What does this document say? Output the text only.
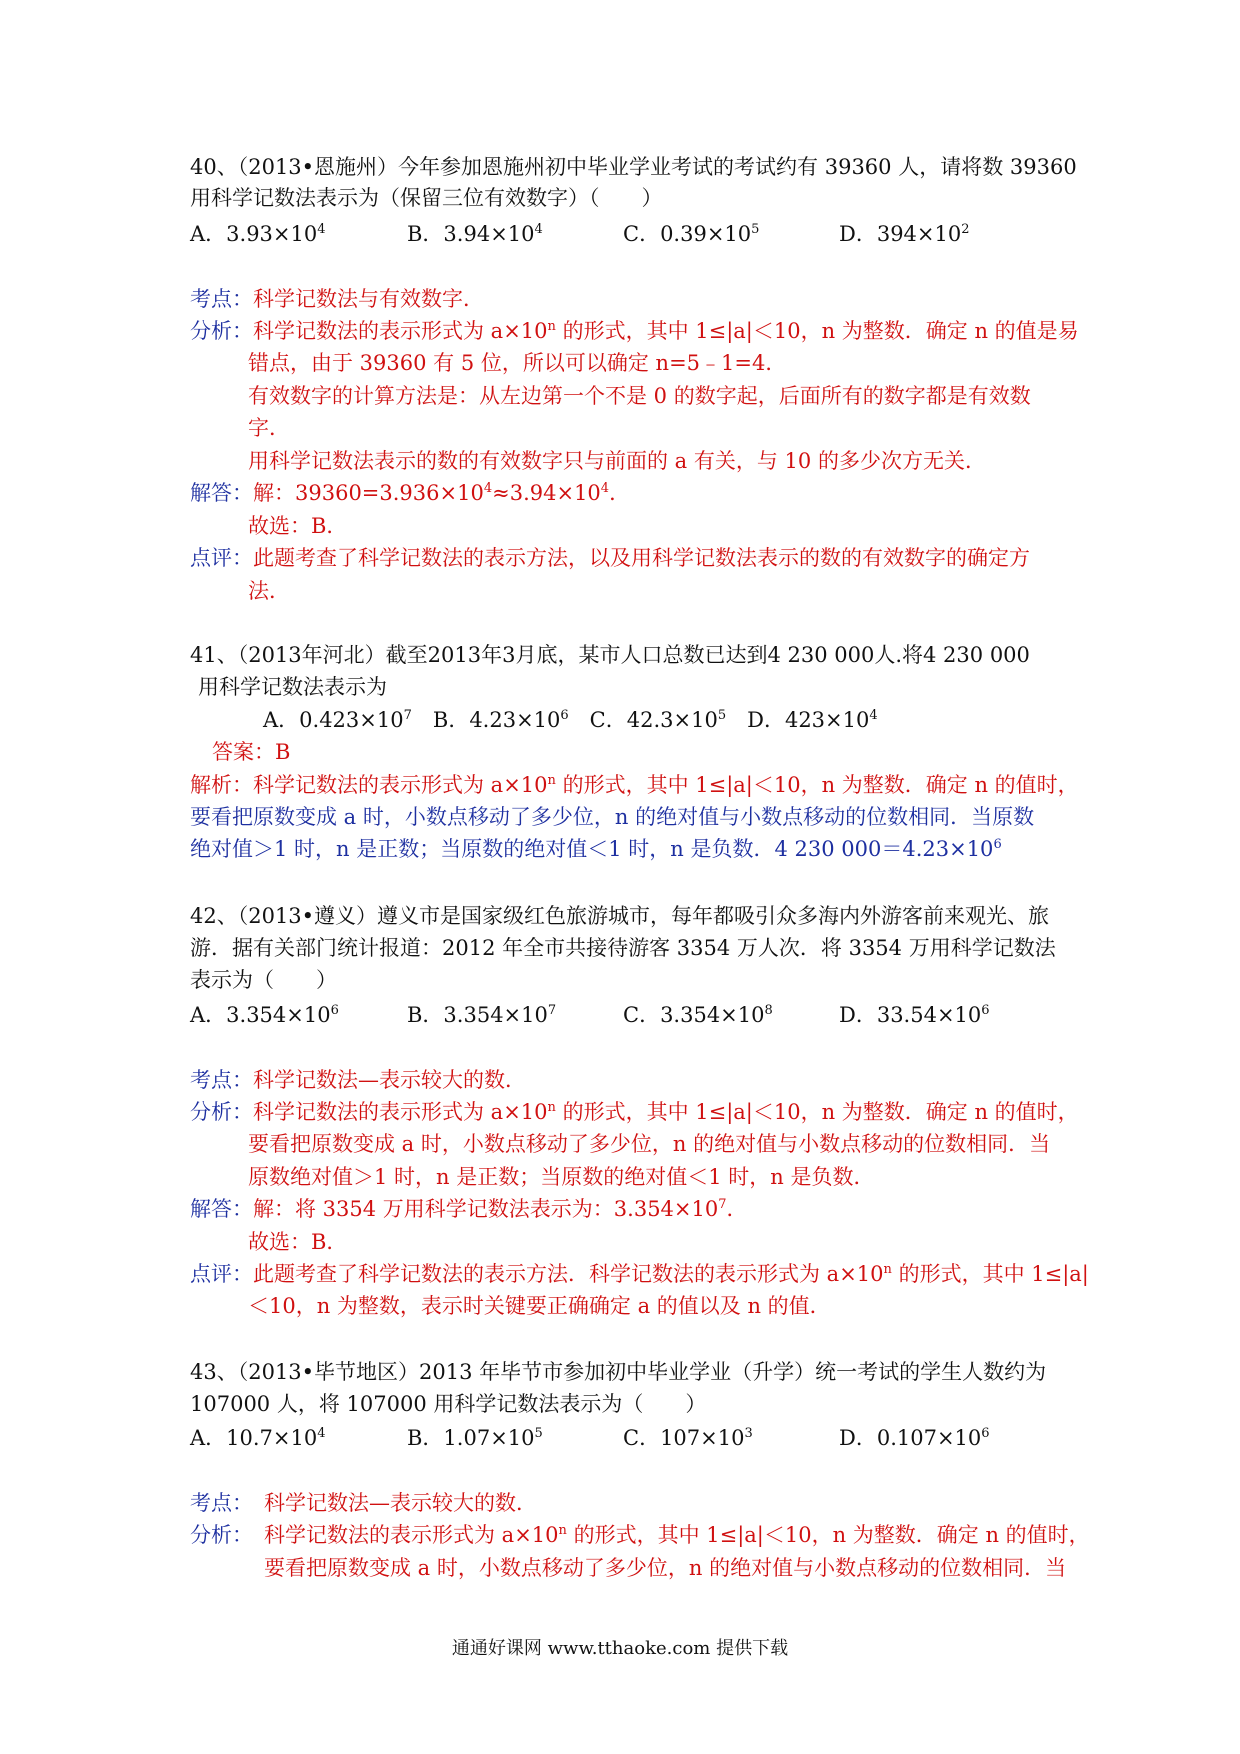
40、（2013•恩施州）今年参加恩施州初中毕业学业考试的考试约有 39360 人，请将数 39360
用科学记数法表示为（保留三位有效数字）（　　）
A．$3.93\times 10^4$	B．$3.94\times 10^4$	C．$0.39\times 10^5$	D．$394\times 10^2$
考点：科学记数法与有效数字．
分析：科学记数法的表示形式为 $a\times 10^n$ 的形式，其中 1≤|a|＜10，n 为整数．确定 n 的值是易
错点，由于 39360 有 5 位，所以可以确定 n=5﹣1=4．
有效数字的计算方法是：从左边第一个不是 0 的数字起，后面所有的数字都是有效数
字．
用科学记数法表示的数的有效数字只与前面的 a 有关，与 10 的多少次方无关．
解答：解：$39360=3.936\times 10^4\approx 3.94\times 10^4$．
故选：B．
点评：此题考查了科学记数法的表示方法，以及用科学记数法表示的数的有效数字的确定方
法．
41、（2013年河北）截至2013年3月底，某市人口总数已达到4 230 000人.将4 230 000
用科学记数法表示为
A．$0.423\times 10^7$　B．$4.23\times 10^6$　C．$42.3\times 10^5$　D．$423\times 10^4$
答案：B
解析：科学记数法的表示形式为 $a\times 10^n$ 的形式，其中 1≤|a|＜10，n 为整数．确定 n 的值时，
要看把原数变成 a 时，小数点移动了多少位，n 的绝对值与小数点移动的位数相同．当原数
绝对值＞1 时，n 是正数；当原数的绝对值＜1 时，n 是负数．4 230 $000=4.23\times 10^6$
42、（2013•遵义）遵义市是国家级红色旅游城市，每年都吸引众多海内外游客前来观光、旅
游．据有关部门统计报道：2012 年全市共接待游客 3354 万人次．将 3354 万用科学记数法
表示为（　　）
A．$3.354\times 10^6$	B．$3.354\times 10^7$	C．$3.354\times 10^8$	D．$33.54\times 10^6$
考点：科学记数法—表示较大的数．
分析：科学记数法的表示形式为 $a\times 10^n$ 的形式，其中 1≤|a|＜10，n 为整数．确定 n 的值时，
要看把原数变成 a 时，小数点移动了多少位，n 的绝对值与小数点移动的位数相同．当
原数绝对值＞1 时，n 是正数；当原数的绝对值＜1 时，n 是负数．
解答：解：将 3354 万用科学记数法表示为：$3.354\times 10^7$．
故选：B．
点评：此题考查了科学记数法的表示方法．科学记数法的表示形式为 $a\times 10^n$ 的形式，其中 1≤|a|
＜10，n 为整数，表示时关键要正确确定 a 的值以及 n 的值．
43、（2013•毕节地区）2013 年毕节市参加初中毕业学业（升学）统一考试的学生人数约为
107000 人，将 107000 用科学记数法表示为（　　）
A．$10.7\times 10^4$	B．$1.07\times 10^5$	C．$107\times 10^3$	D．$0.107\times 10^6$
考点： 科学记数法—表示较大的数．
分析： 科学记数法的表示形式为 $a\times 10^n$ 的形式，其中 1≤|a|＜10，n 为整数．确定 n 的值时，
要看把原数变成 a 时，小数点移动了多少位，n 的绝对值与小数点移动的位数相同．当
通通好课网 www.tthaoke.com 提供下载
